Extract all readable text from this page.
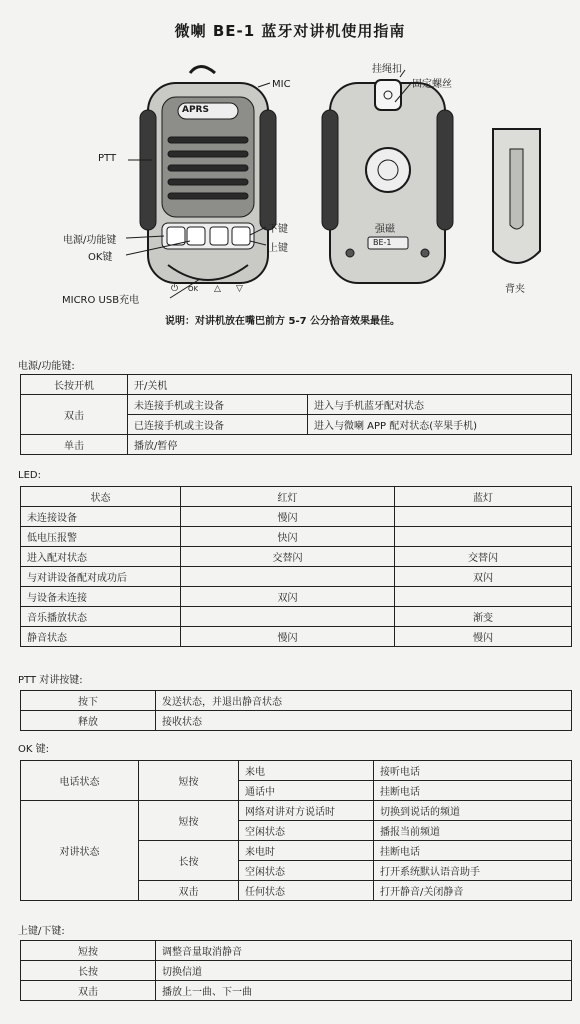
微喇 BE-1 蓝牙对讲机使用指南
MIC
PTT
电源/功能键
OK键
下键
上键
MICRO USB充电
挂绳扣
固定螺丝
强磁
背夹
APRS
BE-1
⏻ OK △ ▽
说明：对讲机放在嘴巴前方 5-7 公分拾音效果最佳。
电源/功能键:
长按开机	开/关机	
双击	未连接手机或主设备	进入与手机蓝牙配对状态
	已连接手机或主设备	进入与微喇 APP 配对状态(苹果手机)
单击	播放/暂停	
LED:
状态	红灯	蓝灯
未连接设备	慢闪	
低电压报警	快闪	
进入配对状态	交替闪	交替闪
与对讲设备配对成功后		双闪
与设备未连接	双闪	
音乐播放状态		渐变
静音状态	慢闪	慢闪
PTT 对讲按键:
按下	发送状态，并退出静音状态
释放	接收状态
OK 键:
电话状态	短按	来电	接听电话
		通话中	挂断电话
对讲状态	短按	网络对讲对方说话时	切换到说话的频道
		空闲状态	播报当前频道
	长按	来电时	挂断电话
		空闲状态	打开系统默认语音助手
	双击	任何状态	打开静音/关闭静音
上键/下键:
短按	调整音量取消静音
长按	切换信道
双击	播放上一曲、下一曲
